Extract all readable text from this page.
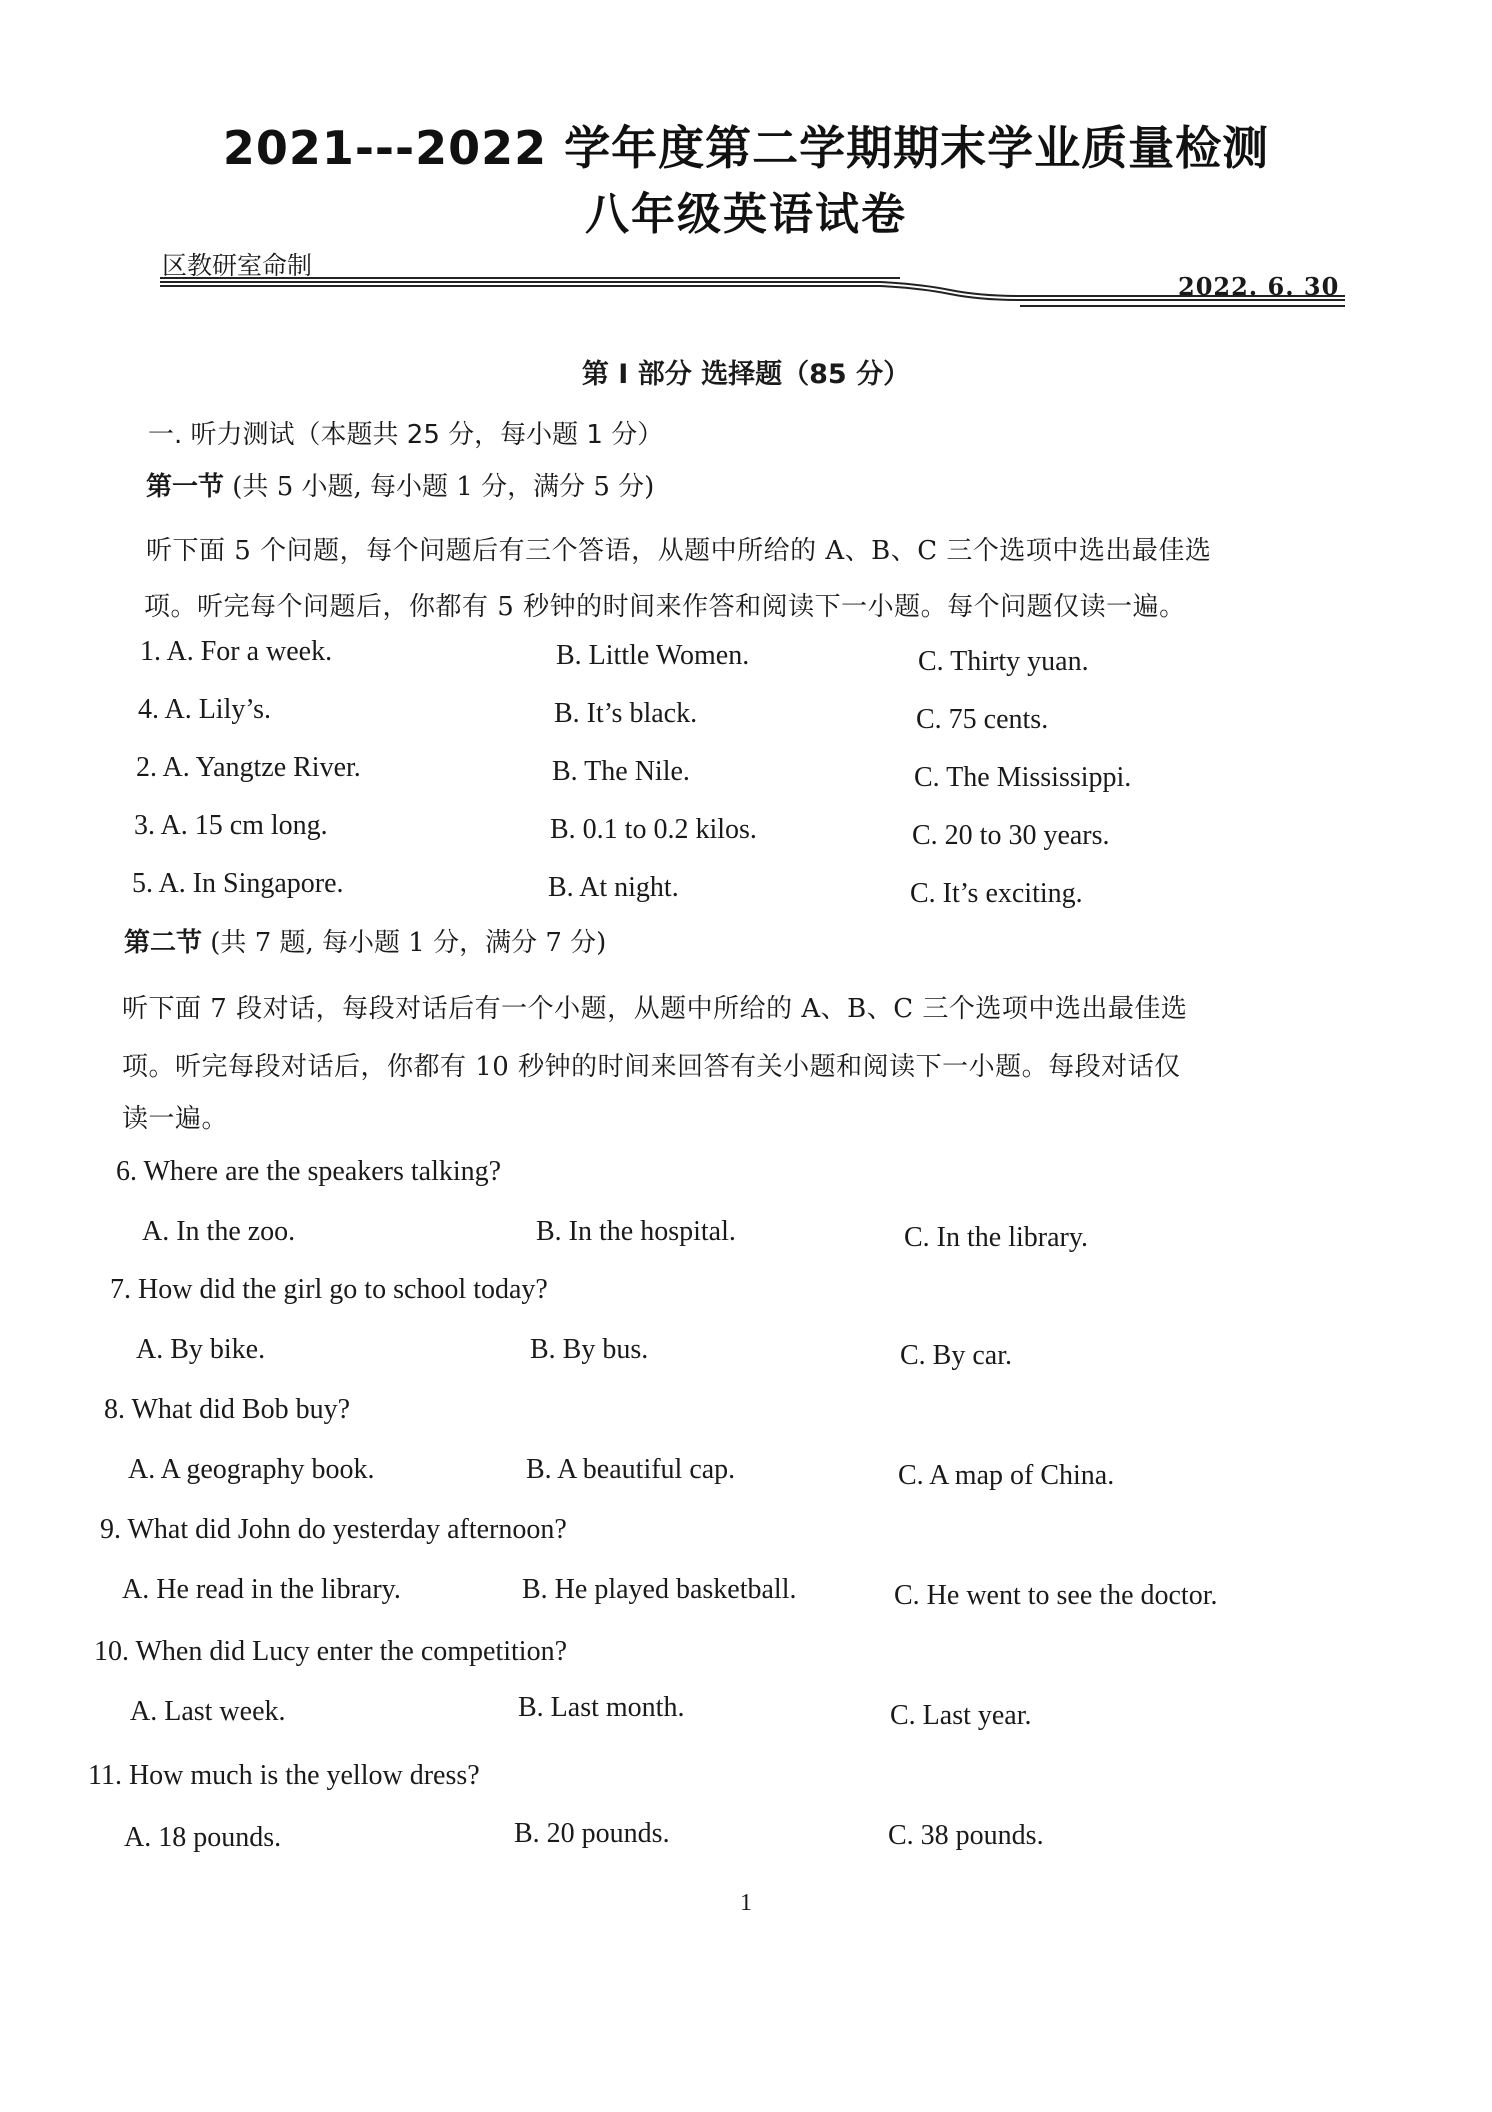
2021---2022 学年度第二学期期末学业质量检测
八年级英语试卷
区教研室命制
2022. 6. 30
第 I 部分 选择题（85 分）
一. 听力测试（本题共 25 分，每小题 1 分）
第一节 (共 5 小题, 每小题 1 分，满分 5 分)
听下面 5 个问题，每个问题后有三个答语，从题中所给的 A、B、C 三个选项中选出最佳选
项。听完每个问题后，你都有 5 秒钟的时间来作答和阅读下一小题。每个问题仅读一遍。
1. A. For a week.	B. Little Women.	C. Thirty yuan.
4. A. Lily’s.	B. It’s black.	C. 75 cents.
2. A. Yangtze River.	B. The Nile.	C. The Mississippi.
3. A. 15 cm long.	B. 0.1 to 0.2 kilos.	C. 20 to 30 years.
5. A. In Singapore.	B. At night.	C. It’s exciting.
第二节 (共 7 题, 每小题 1 分，满分 7 分)
听下面 7 段对话，每段对话后有一个小题，从题中所给的 A、B、C 三个选项中选出最佳选
项。听完每段对话后，你都有 10 秒钟的时间来回答有关小题和阅读下一小题。每段对话仅
读一遍。
6. Where are the speakers talking?
A. In the zoo.	B. In the hospital.	C. In the library.
7. How did the girl go to school today?
A. By bike.	B. By bus.	C. By car.
8. What did Bob buy?
A. A geography book.	B. A beautiful cap.	C. A map of China.
9. What did John do yesterday afternoon?
A. He read in the library.	B. He played basketball.	C. He went to see the doctor.
10. When did Lucy enter the competition?
A. Last week.	B. Last month.	C. Last year.
11. How much is the yellow dress?
A. 18 pounds.	B. 20 pounds.	C. 38 pounds.
1
